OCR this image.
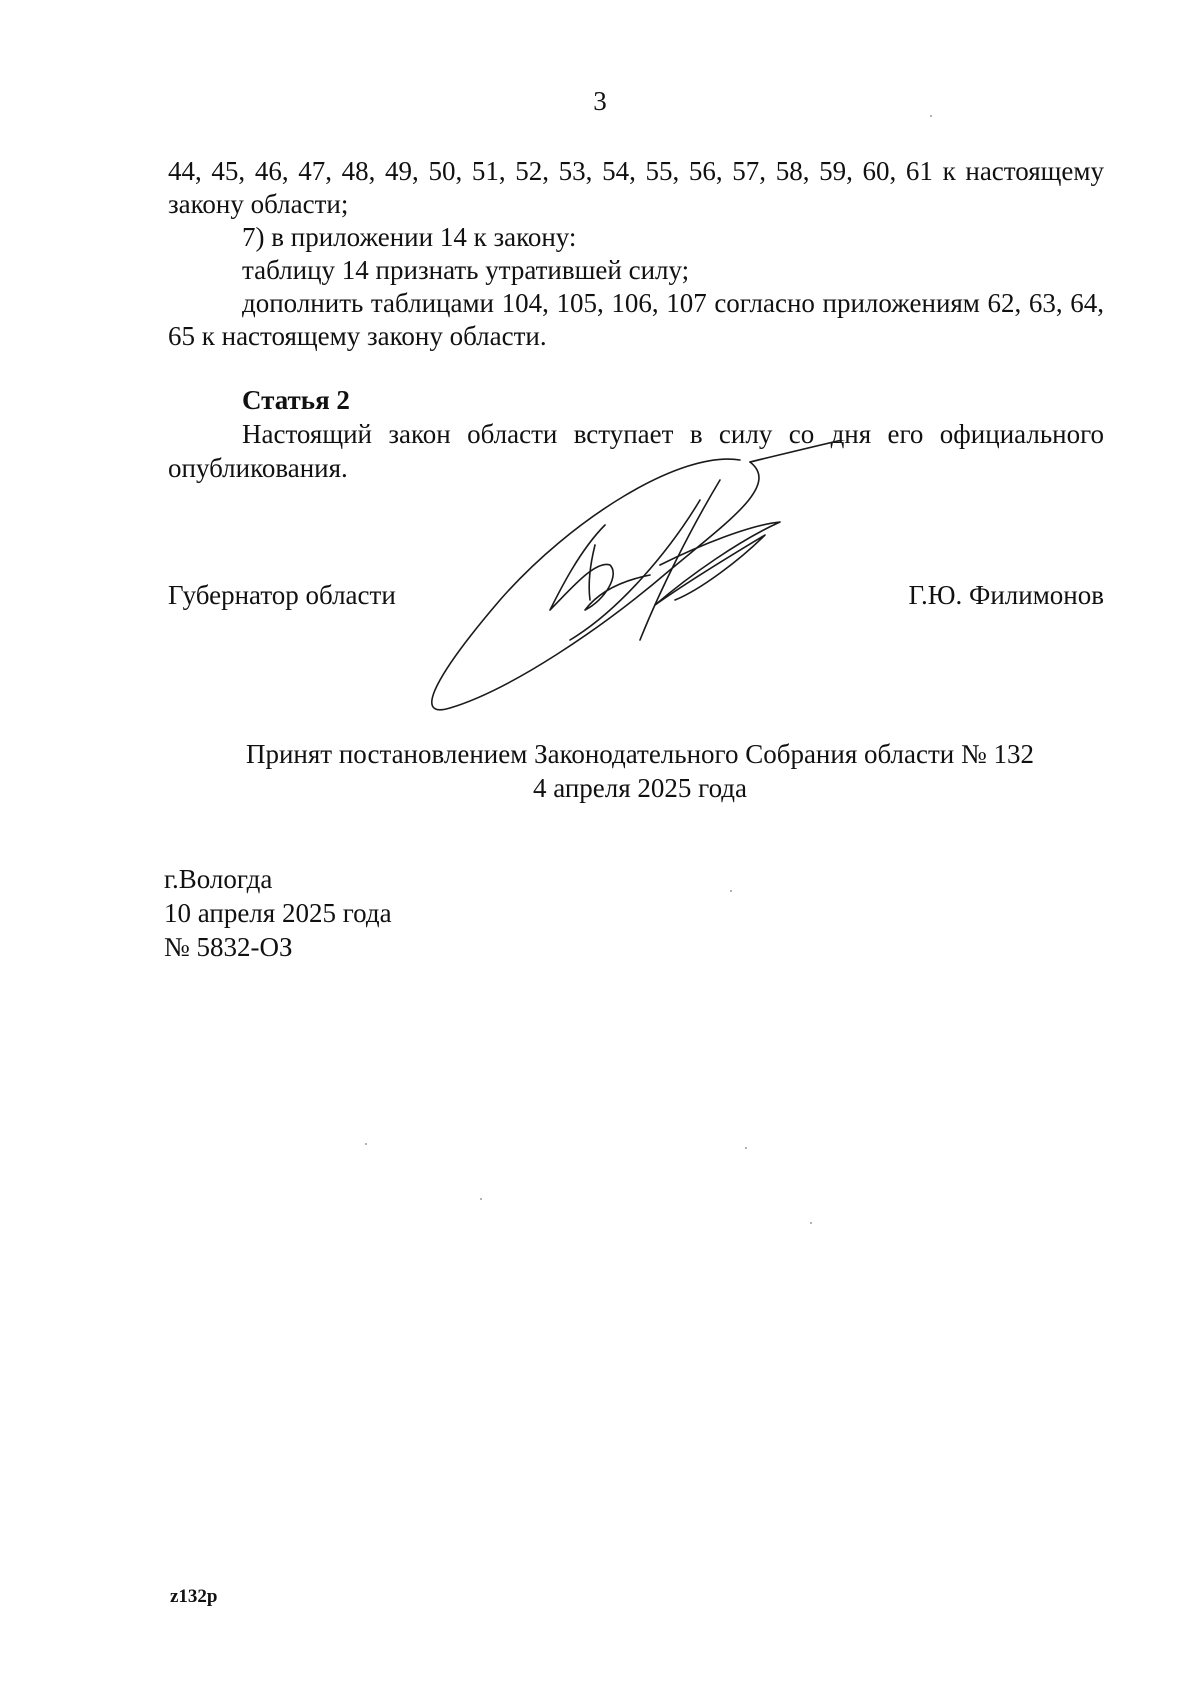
3

44, 45, 46, 47, 48, 49, 50, 51, 52, 53, 54, 55, 56, 57, 58, 59, 60, 61 к настоящему закону области;

7) в приложении 14 к закону:

таблицу 14 признать утратившей силу;

дополнить таблицами 104, 105, 106, 107 согласно приложениям 62, 63, 64, 65 к настоящему закону области.

Статья 2

Настоящий закон области вступает в силу со дня его официального опубликования.

Губернатор области	Г.Ю. Филимонов

Принят постановлением Законодательного Собрания области № 132

4 апреля 2025 года

г.Вологда

10 апреля 2025 года

№ 5832-ОЗ

z132p
